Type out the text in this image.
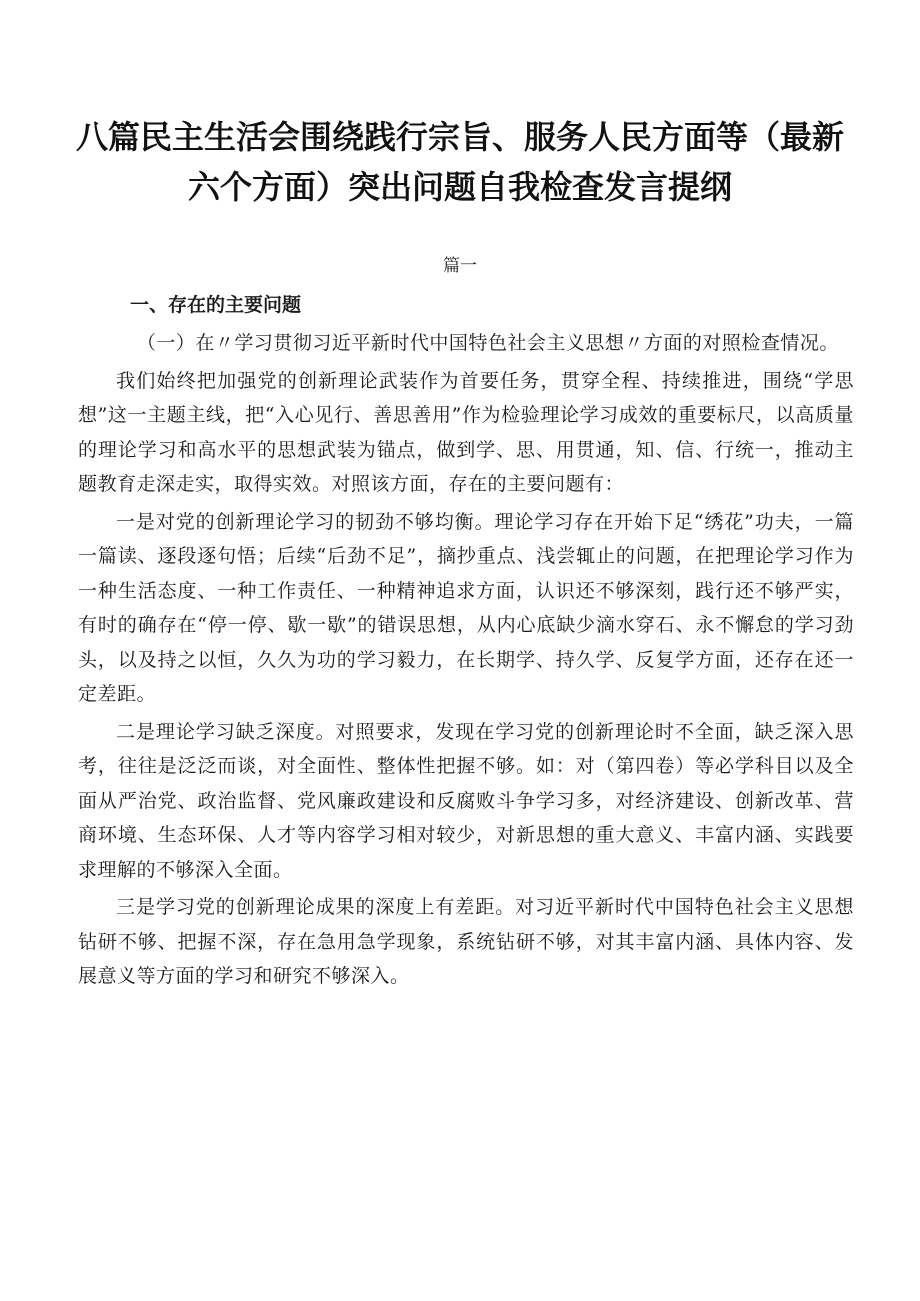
八篇民主生活会围绕践行宗旨、服务人民方面等（最新六个方面）突出问题自我检查发言提纲
篇一
一、存在的主要问题

（一）在〃学习贯彻习近平新时代中国特色社会主义思想〃方面的对照检查情况。

我们始终把加强党的创新理论武装作为首要任务，贯穿全程、持续推进，围绕“学思想”这一主题主线，把“入心见行、善思善用”作为检验理论学习成效的重要标尺，以高质量的理论学习和高水平的思想武装为锚点，做到学、思、用贯通，知、信、行统一，推动主题教育走深走实，取得实效。对照该方面，存在的主要问题有：

一是对党的创新理论学习的韧劲不够均衡。理论学习存在开始下足“绣花”功夫，一篇一篇读、逐段逐句悟；后续“后劲不足”，摘抄重点、浅尝辄止的问题，在把理论学习作为一种生活态度、一种工作责任、一种精神追求方面，认识还不够深刻，践行还不够严实，有时的确存在“停一停、歇一歇”的错误思想，从内心底缺少滴水穿石、永不懈怠的学习劲头，以及持之以恒，久久为功的学习毅力，在长期学、持久学、反复学方面，还存在还一定差距。

二是理论学习缺乏深度。对照要求，发现在学习党的创新理论时不全面，缺乏深入思考，往往是泛泛而谈，对全面性、整体性把握不够。如：对（第四卷）等必学科目以及全面从严治党、政治监督、党风廉政建设和反腐败斗争学习多，对经济建设、创新改革、营商环境、生态环保、人才等内容学习相对较少，对新思想的重大意义、丰富内涵、实践要求理解的不够深入全面。

三是学习党的创新理论成果的深度上有差距。对习近平新时代中国特色社会主义思想钻研不够、把握不深，存在急用急学现象，系统钻研不够，对其丰富内涵、具体内容、发展意义等方面的学习和研究不够深入。
